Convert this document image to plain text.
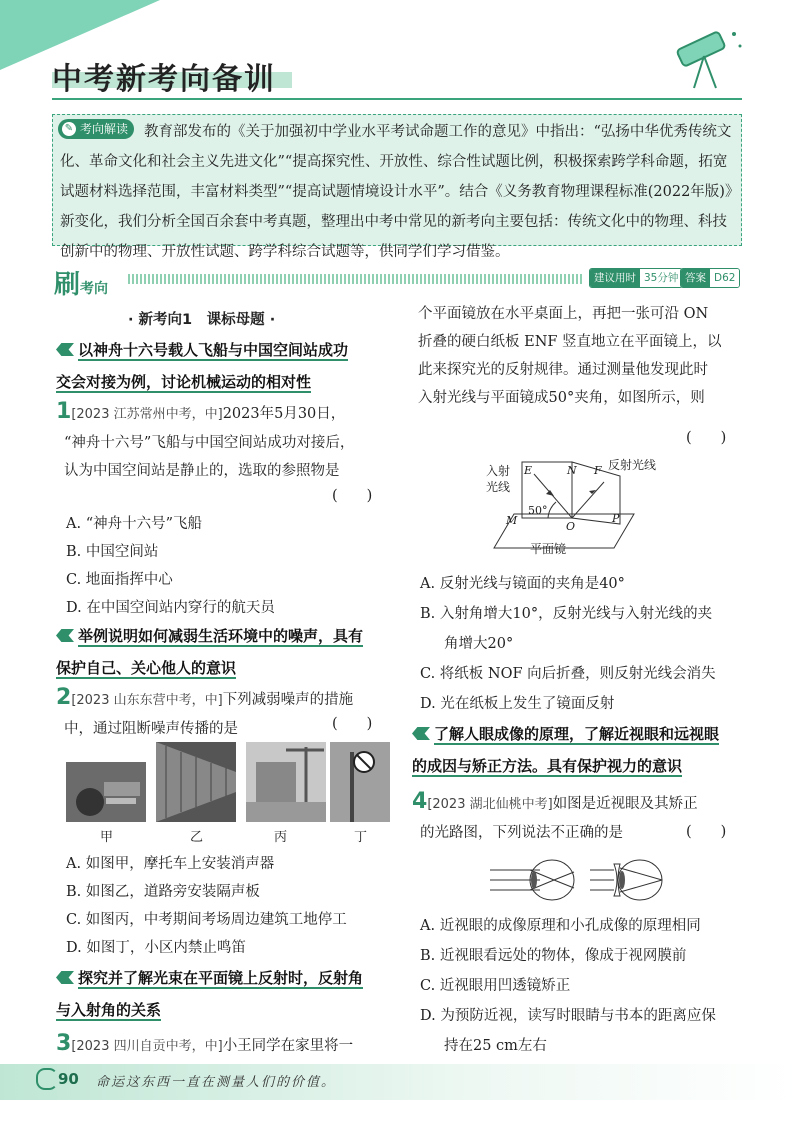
中考新考向备训
教育部发布的《关于加强初中学业水平考试命题工作的意见》中指出：“弘扬中华优秀传统文化、革命文化和社会主义先进文化”“提高探究性、开放性、综合性试题比例，积极探索跨学科命题，拓宽试题材料选择范围，丰富材料类型”“提高试题情境设计水平”。结合《义务教育物理课程标准(2022年版)》新变化，我们分析全国百余套中考真题，整理出中考中常见的新考向主要包括：传统文化中的物理、科技创新中的物理、开放性试题、跨学科综合试题等，供同学们学习借鉴。
✎ 考向解读
刷考向
建议用时 35分钟 答案 D62
· 新考向1　课标母题 ·
以神舟十六号载人飞船与中国空间站成功
交会对接为例，讨论机械运动的相对性
1[2023 江苏常州中考，中]2023年5月30日，
“神舟十六号”飞船与中国空间站成功对接后，
认为中国空间站是静止的，选取的参照物是
(　　)
A. “神舟十六号”飞船
B. 中国空间站
C. 地面指挥中心
D. 在中国空间站内穿行的航天员
举例说明如何减弱生活环境中的噪声，具有
保护自己、关心他人的意识
2[2023 山东东营中考，中]下列减弱噪声的措施
中，通过阻断噪声传播的是	(　　)
甲	乙	丙	丁
A. 如图甲，摩托车上安装消声器
B. 如图乙，道路旁安装隔声板
C. 如图丙，中考期间考场周边建筑工地停工
D. 如图丁，小区内禁止鸣笛
探究并了解光束在平面镜上反射时，反射角
与入射角的关系
3[2023 四川自贡中考，中]小王同学在家里将一
个平面镜放在水平桌面上，再把一张可沿 ON
折叠的硬白纸板 ENF 竖直地立在平面镜上，以
此来探究光的反射规律。通过测量他发现此时
入射光线与平面镜成50°夹角，如图所示，则
(　　)
入射
光线
反射光线
E	N F
M
50°
O
P
平面镜
A. 反射光线与镜面的夹角是40°
B. 入射角增大10°，反射光线与入射光线的夹
角增大20°
C. 将纸板 NOF 向后折叠，则反射光线会消失
D. 光在纸板上发生了镜面反射
了解人眼成像的原理，了解近视眼和远视眼
的成因与矫正方法。具有保护视力的意识
4[2023 湖北仙桃中考]如图是近视眼及其矫正
的光路图，下列说法不正确的是	(　　)
A. 近视眼的成像原理和小孔成像的原理相同
B. 近视眼看远处的物体，像成于视网膜前
C. 近视眼用凹透镜矫正
D. 为预防近视，读写时眼睛与书本的距离应保
持在25 cm左右
90 命运这东西一直在测量人们的价值。
